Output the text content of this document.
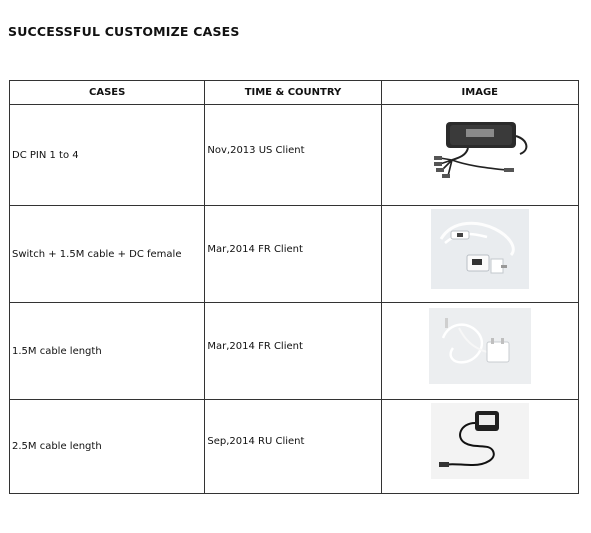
SUCCESSFUL CUSTOMIZE CASES
CASES	TIME & COUNTRY	IMAGE
DC PIN 1 to 4	Nov,2013 US Client	
Switch + 1.5M cable + DC female	Mar,2014 FR Client	
1.5M cable length	Mar,2014 FR Client	
2.5M cable length	Sep,2014 RU Client	
